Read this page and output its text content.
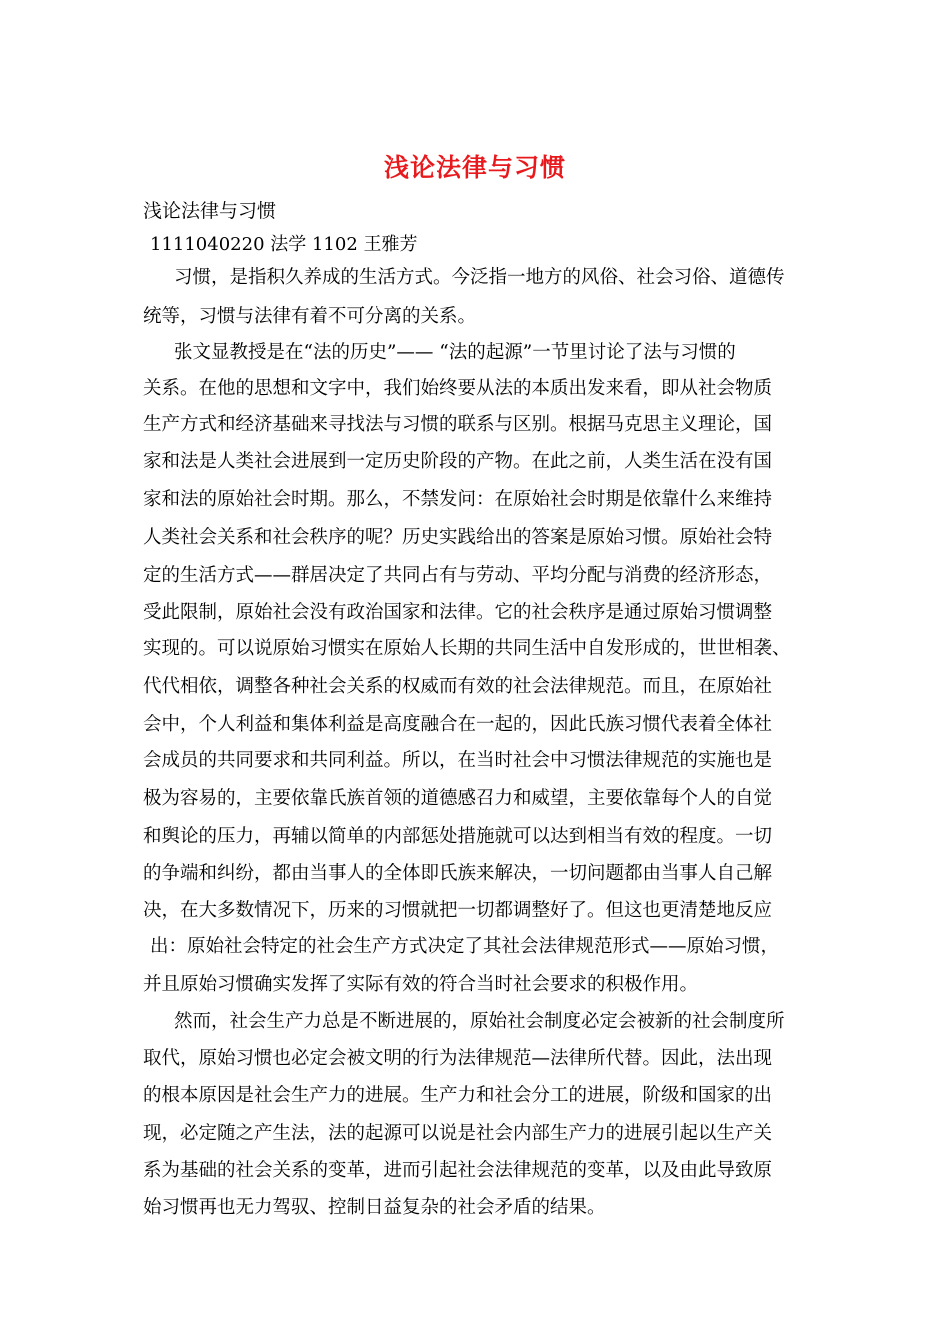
浅论法律与习惯
浅论法律与习惯
1111040220 法学 1102 王雅芳
习惯，是指积久养成的生活方式。今泛指一地方的风俗、社会习俗、道德传
统等，习惯与法律有着不可分离的关系。
张文显教授是在“法的历史”—— “法的起源”一节里讨论了法与习惯的
关系。在他的思想和文字中，我们始终要从法的本质出发来看，即从社会物质
生产方式和经济基础来寻找法与习惯的联系与区别。根据马克思主义理论，国
家和法是人类社会进展到一定历史阶段的产物。在此之前，人类生活在没有国
家和法的原始社会时期。那么，不禁发问：在原始社会时期是依靠什么来维持
人类社会关系和社会秩序的呢？历史实践给出的答案是原始习惯。原始社会特
定的生活方式——群居决定了共同占有与劳动、平均分配与消费的经济形态，
受此限制，原始社会没有政治国家和法律。它的社会秩序是通过原始习惯调整
实现的。可以说原始习惯实在原始人长期的共同生活中自发形成的，世世相袭、
代代相依，调整各种社会关系的权威而有效的社会法律规范。而且，在原始社
会中，个人利益和集体利益是高度融合在一起的，因此氏族习惯代表着全体社
会成员的共同要求和共同利益。所以，在当时社会中习惯法律规范的实施也是
极为容易的，主要依靠氏族首领的道德感召力和威望，主要依靠每个人的自觉
和舆论的压力，再辅以简单的内部惩处措施就可以达到相当有效的程度。一切
的争端和纠纷，都由当事人的全体即氏族来解决，一切问题都由当事人自己解
决，在大多数情况下，历来的习惯就把一切都调整好了。但这也更清楚地反应
出：原始社会特定的社会生产方式决定了其社会法律规范形式——原始习惯，
并且原始习惯确实发挥了实际有效的符合当时社会要求的积极作用。
然而，社会生产力总是不断进展的，原始社会制度必定会被新的社会制度所
取代，原始习惯也必定会被文明的行为法律规范—法律所代替。因此，法出现
的根本原因是社会生产力的进展。生产力和社会分工的进展，阶级和国家的出
现，必定随之产生法，法的起源可以说是社会内部生产力的进展引起以生产关
系为基础的社会关系的变革，进而引起社会法律规范的变革，以及由此导致原
始习惯再也无力驾驭、控制日益复杂的社会矛盾的结果。
